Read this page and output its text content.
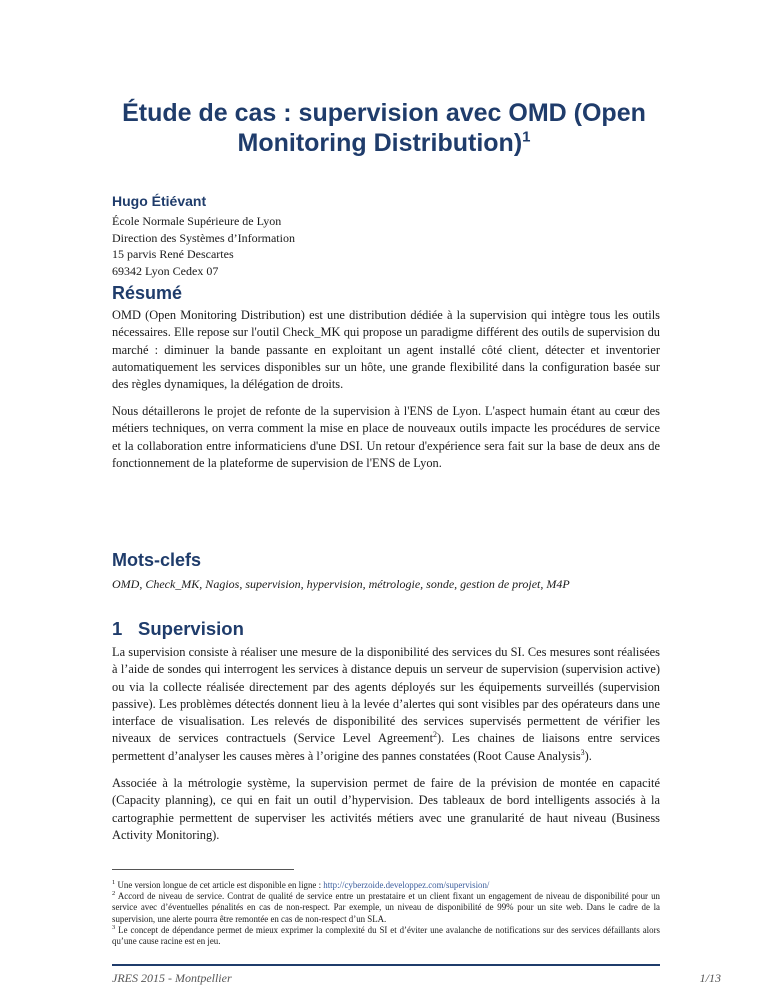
Étude de cas : supervision avec OMD (Open
Monitoring Distribution)$^1$

Hugo Étiévant

École Normale Supérieure de Lyon
Direction des Systèmes d’Information
15 parvis René Descartes
69342 Lyon Cedex 07
Résumé

OMD (Open Monitoring Distribution) est une distribution dédiée à la supervision qui intègre tous les outils nécessaires. Elle repose sur l'outil Check_MK qui propose un paradigme différent des outils de supervision du marché : diminuer la bande passante en exploitant un agent installé côté client, détecter et inventorier automatiquement les services disponibles sur un hôte, une grande flexibilité dans la configuration basée sur des règles dynamiques, la délégation de droits.

Nous détaillerons le projet de refonte de la supervision à l'ENS de Lyon. L'aspect humain étant au cœur des métiers techniques, on verra comment la mise en place de nouveaux outils impacte les procédures de service et la collaboration entre informaticiens d'une DSI. Un retour d'expérience sera fait sur la base de deux ans de fonctionnement de la plateforme de supervision de l'ENS de Lyon.

Mots-clefs

OMD, Check_MK, Nagios, supervision, hypervision, métrologie, sonde, gestion de projet, M4P

1 Supervision

La supervision consiste à réaliser une mesure de la disponibilité des services du SI. Ces mesures sont réalisées à l’aide de sondes qui interrogent les services à distance depuis un serveur de supervision (supervision active) ou via la collecte réalisée directement par des agents déployés sur les équipements surveillés (supervision passive). Les problèmes détectés donnent lieu à la levée d’alertes qui sont visibles par des opérateurs dans une interface de visualisation. Les relevés de disponibilité des services supervisés permettent de vérifier les niveaux de services contractuels (Service Level Agreement$^2$). Les chaines de liaisons entre services permettent d’analyser les causes mères à l’origine des pannes constatées (Root Cause Analysis$^3$).

Associée à la métrologie système, la supervision permet de faire de la prévision de montée en capacité (Capacity planning), ce qui en fait un outil d’hypervision. Des tableaux de bord intelligents associés à la cartographie permettent de superviser les activités métiers avec une granularité de haut niveau (Business Activity Monitoring).

$^1$ Une version longue de cet article est disponible en ligne : http://cyberzoide.developpez.com/supervision/
$^2$ Accord de niveau de service. Contrat de qualité de service entre un prestataire et un client fixant un engagement de niveau de disponibilité pour un service avec d’éventuelles pénalités en cas de non-respect. Par exemple, un niveau de disponibilité de 99% pour un site web. Dans le cadre de la supervision, une alerte pourra être remontée en cas de non-respect d’un SLA.
$^3$ Le concept de dépendance permet de mieux exprimer la complexité du SI et d’éviter une avalanche de notifications sur des services défaillants alors qu’une cause racine est en jeu.

JRES 2015 - Montpellier	1/13
